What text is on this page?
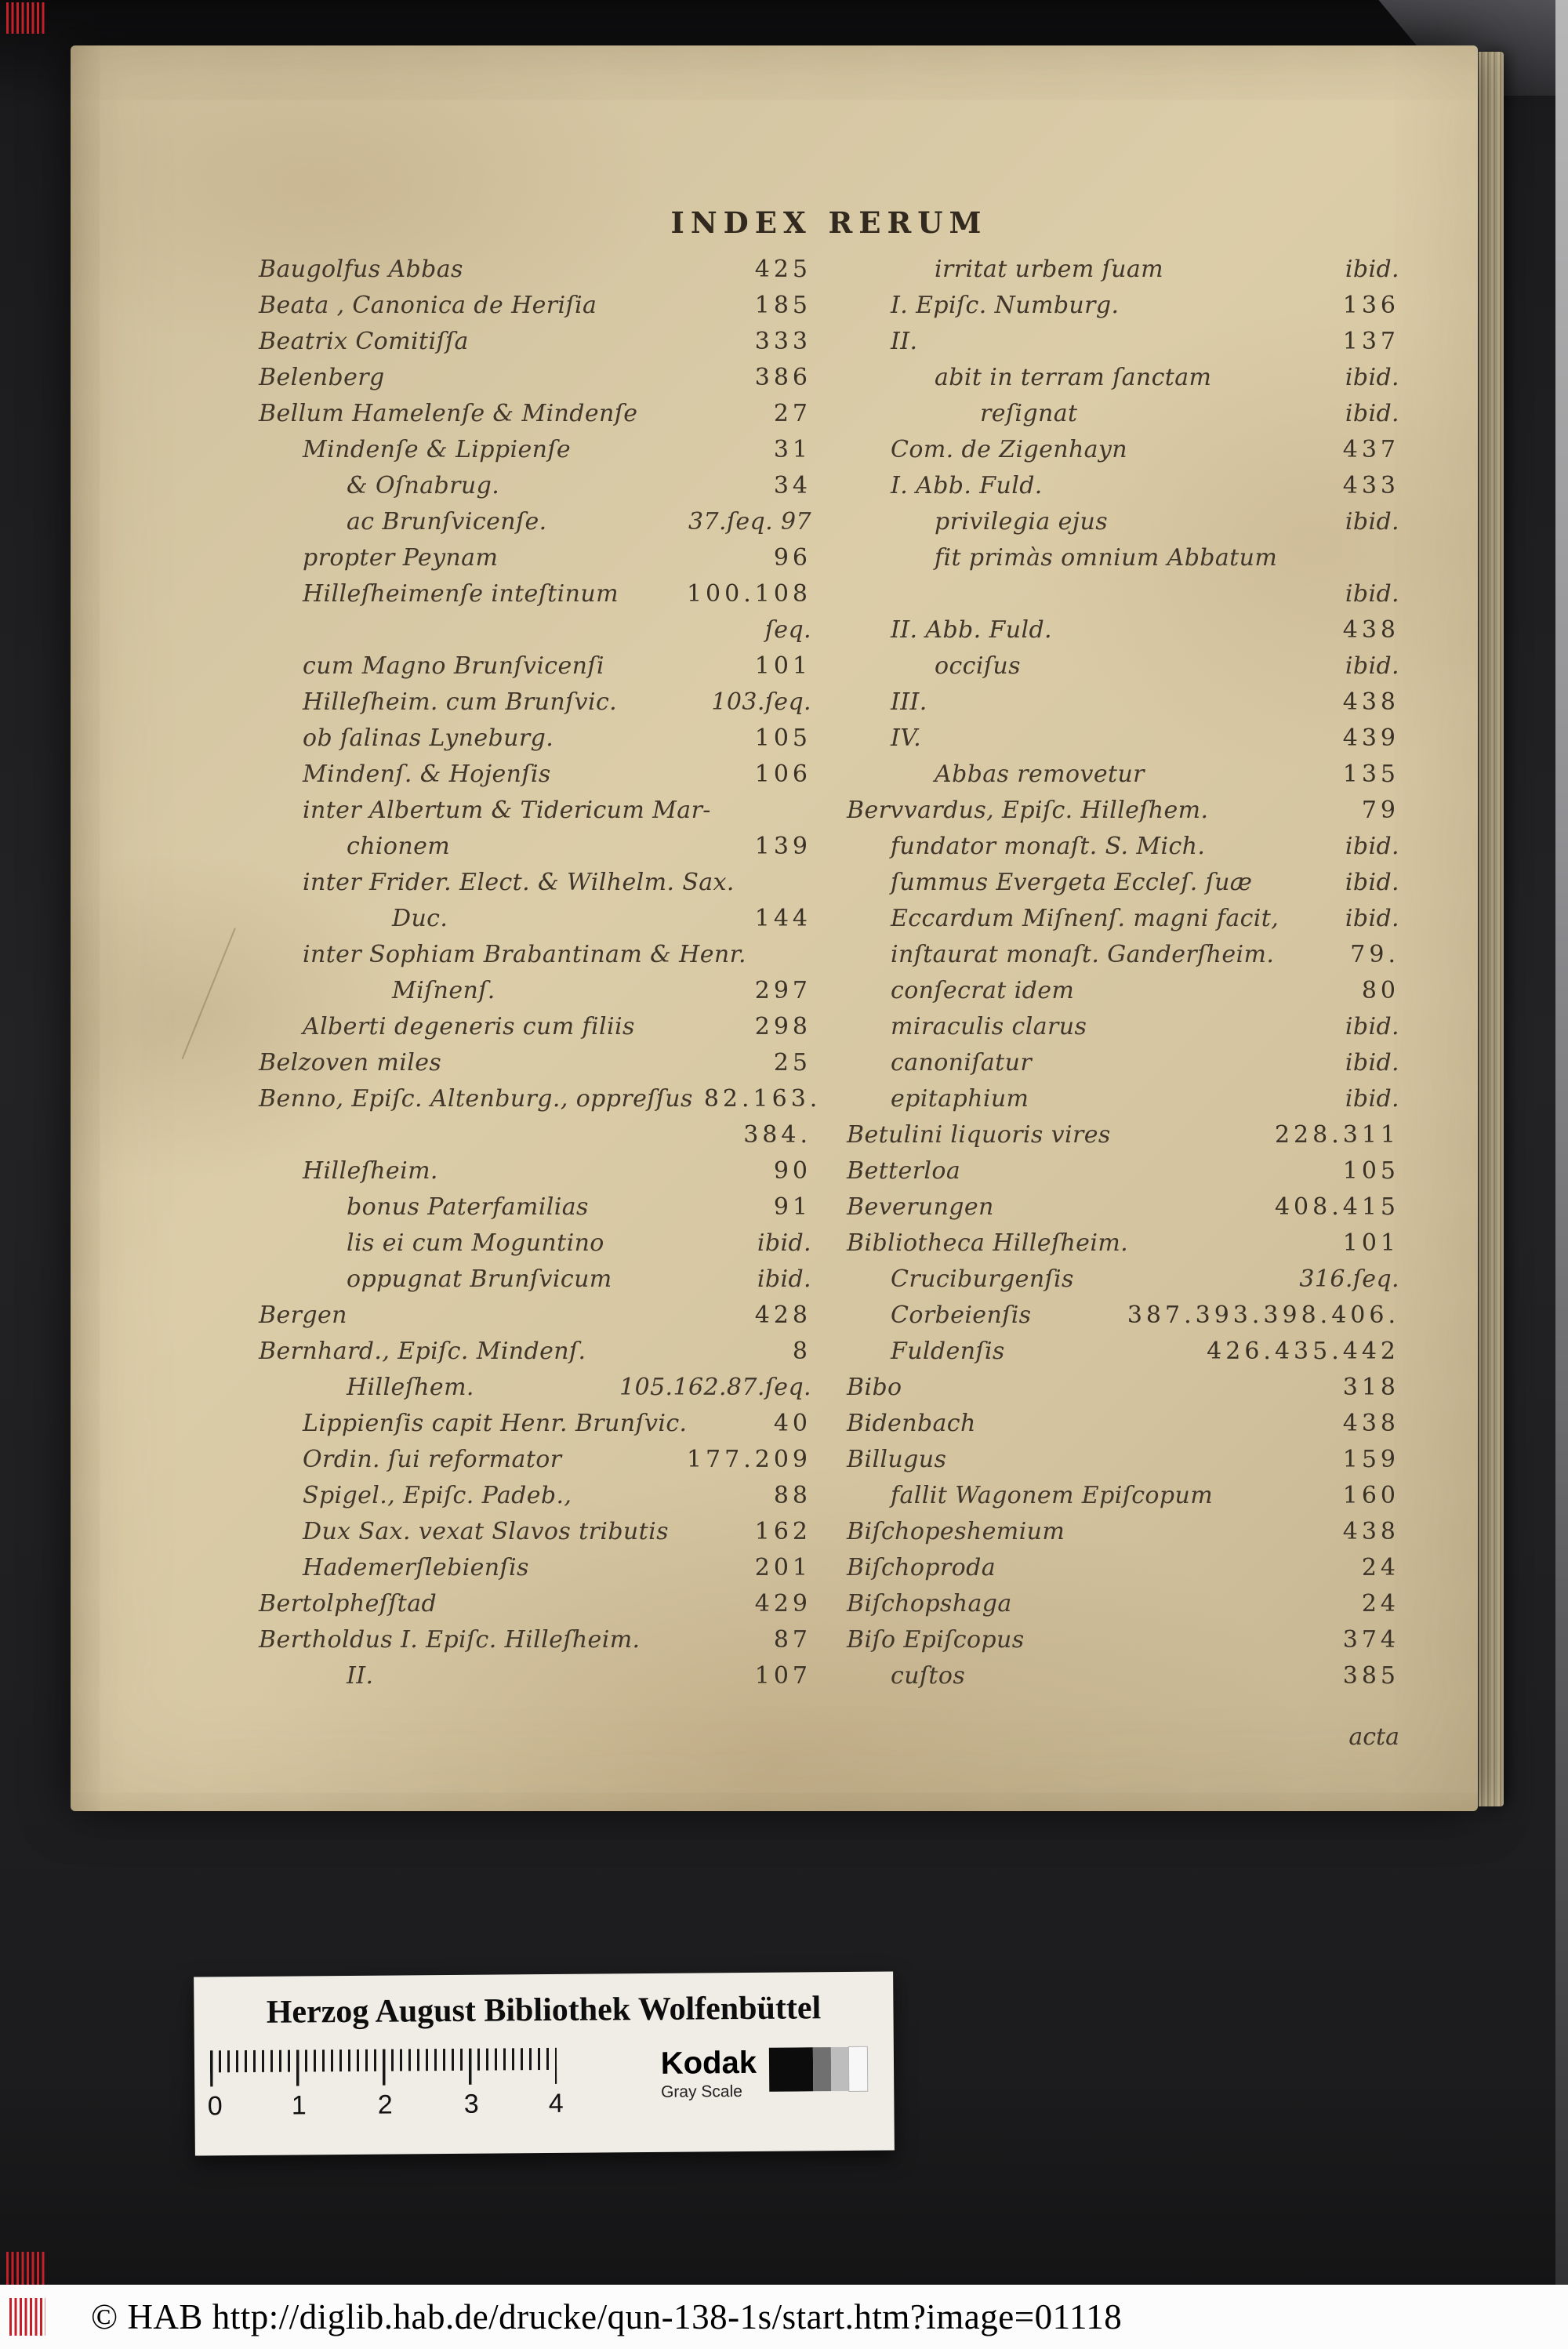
INDEX RERUM
Baugolfus Abbas	425
Beata , Canonica de Heriſia	185
Beatrix Comitiſſa	333
Belenberg	386
Bellum Hamelenſe & Mindenſe	27
Mindenſe & Lippienſe	31
& Oſnabrug.	34
ac Brunſvicenſe.	37.ſeq. 97
propter Peynam	96
Hilleſheimenſe inteſtinum	100.108
ſeq.
cum Magno Brunſvicenſi	101
Hilleſheim. cum Brunſvic.	103.ſeq.
ob ſalinas Lyneburg.	105
Mindenſ. & Hojenſis	106
inter Albertum & Tidericum Mar-
chionem	139
inter Frider. Elect. & Wilhelm. Sax.
Duc.	144
inter Sophiam Brabantinam & Henr.
Miſnenſ.	297
Alberti degeneris cum filiis	298
Belzoven miles	25
Benno, Epiſc. Altenburg., oppreſſus 82.163.
384.
Hilleſheim.	90
bonus Paterfamilias	91
lis ei cum Moguntino	ibid.
oppugnat Brunſvicum	ibid.
Bergen	428
Bernhard., Epiſc. Mindenſ.	8
Hilleſhem.	105.162.87.ſeq.
Lippienſis capit Henr. Brunſvic.	40
Ordin. ſui reformator	177.209
Spigel., Epiſc. Padeb.,	88
Dux Sax. vexat Slavos tributis	162
Hademerſlebienſis	201
Bertolpheſſtad	429
Bertholdus I. Epiſc. Hilleſheim.	87
II.	107
irritat urbem ſuam	ibid.
I. Epiſc. Numburg.	136
II.	137
abit in terram ſanctam	ibid.
reſignat	ibid.
Com. de Zigenhayn	437
I. Abb. Fuld.	433
privilegia ejus	ibid.
fit primàs omnium Abbatum
ibid.
II. Abb. Fuld.	438
occiſus	ibid.
III.	438
IV.	439
Abbas removetur	135
Bervvardus, Epiſc. Hilleſhem.	79
fundator monaſt. S. Mich.	ibid.
ſummus Evergeta Eccleſ. ſuæ	ibid.
Eccardum Miſnenſ. magni facit,	ibid.
inſtaurat monaſt. Ganderſheim.	79.
conſecrat idem	80
miraculis clarus	ibid.
canoniſatur	ibid.
epitaphium	ibid.
Betulini liquoris vires	228.311
Betterloa	105
Beverungen	408.415
Bibliotheca Hilleſheim.	101
Cruciburgenſis	316.ſeq.
Corbeienſis	387.393.398.406.
Fuldenſis	426.435.442
Bibo	318
Bidenbach	438
Billugus	159
fallit Wagonem Epiſcopum	160
Biſchopeshemium	438
Biſchoproda	24
Biſchopshaga	24
Biſo Epiſcopus	374
cuſtos	385
acta
Herzog August Bibliothek Wolfenbüttel
0	1	2	3	4
Kodak
Gray Scale
© HAB http://diglib.hab.de/drucke/qun-138-1s/start.htm?image=01118
